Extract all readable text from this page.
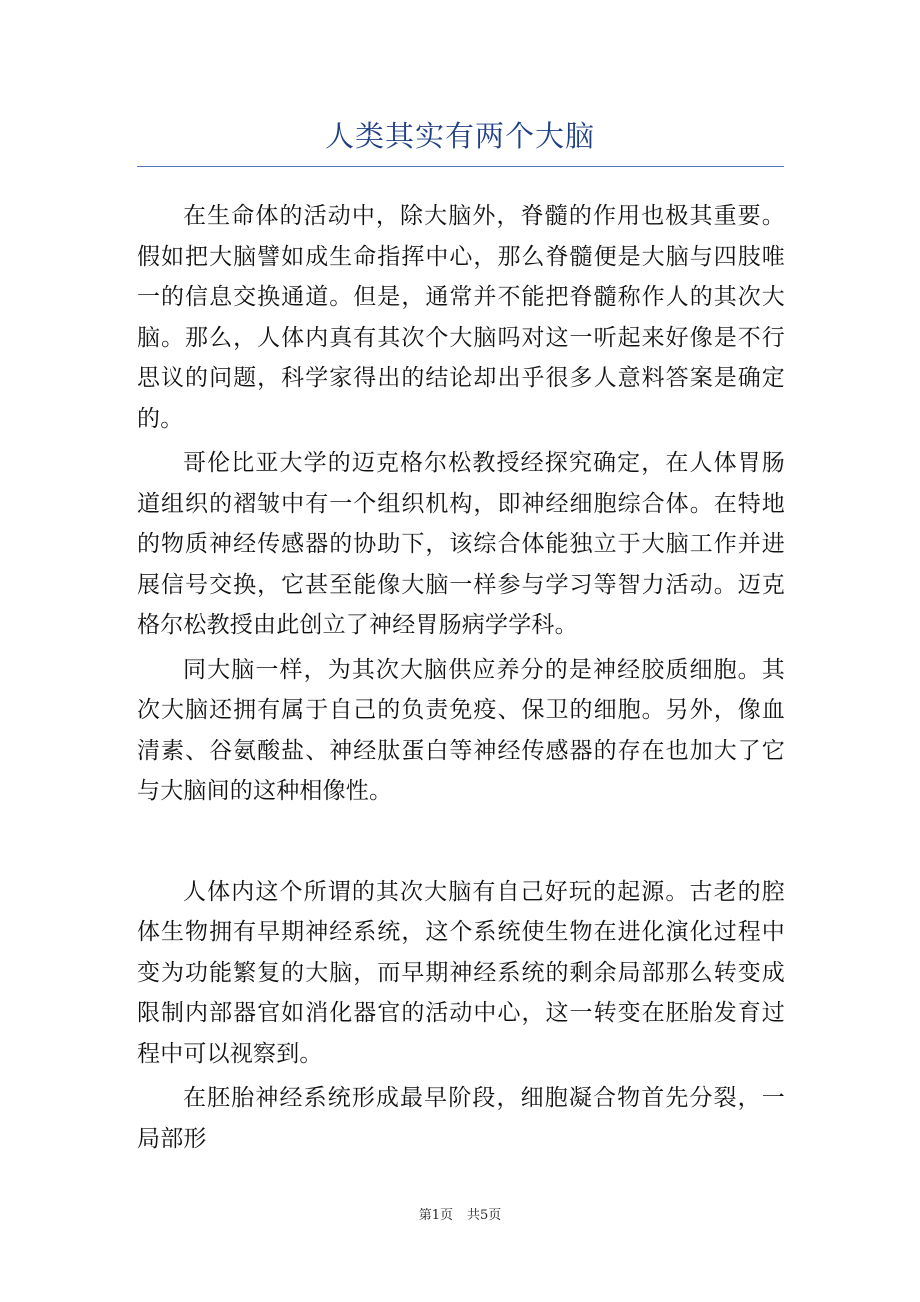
人类其实有两个大脑

在生命体的活动中，除大脑外，脊髓的作用也极其重要。假如把大脑譬如成生命指挥中心，那么脊髓便是大脑与四肢唯一的信息交换通道。但是，通常并不能把脊髓称作人的其次大脑。那么，人体内真有其次个大脑吗对这一听起来好像是不行思议的问题，科学家得出的结论却出乎很多人意料答案是确定的。

哥伦比亚大学的迈克格尔松教授经探究确定，在人体胃肠道组织的褶皱中有一个组织机构，即神经细胞综合体。在特地的物质神经传感器的协助下，该综合体能独立于大脑工作并进展信号交换，它甚至能像大脑一样参与学习等智力活动。迈克格尔松教授由此创立了神经胃肠病学学科。

同大脑一样，为其次大脑供应养分的是神经胶质细胞。其次大脑还拥有属于自己的负责免疫、保卫的细胞。另外，像血清素、谷氨酸盐、神经肽蛋白等神经传感器的存在也加大了它与大脑间的这种相像性。

人体内这个所谓的其次大脑有自己好玩的起源。古老的腔体生物拥有早期神经系统，这个系统使生物在进化演化过程中变为功能繁复的大脑，而早期神经系统的剩余局部那么转变成限制内部器官如消化器官的活动中心，这一转变在胚胎发育过程中可以视察到。

在胚胎神经系统形成最早阶段，细胞凝合物首先分裂，一局部形

第1页 共5页
